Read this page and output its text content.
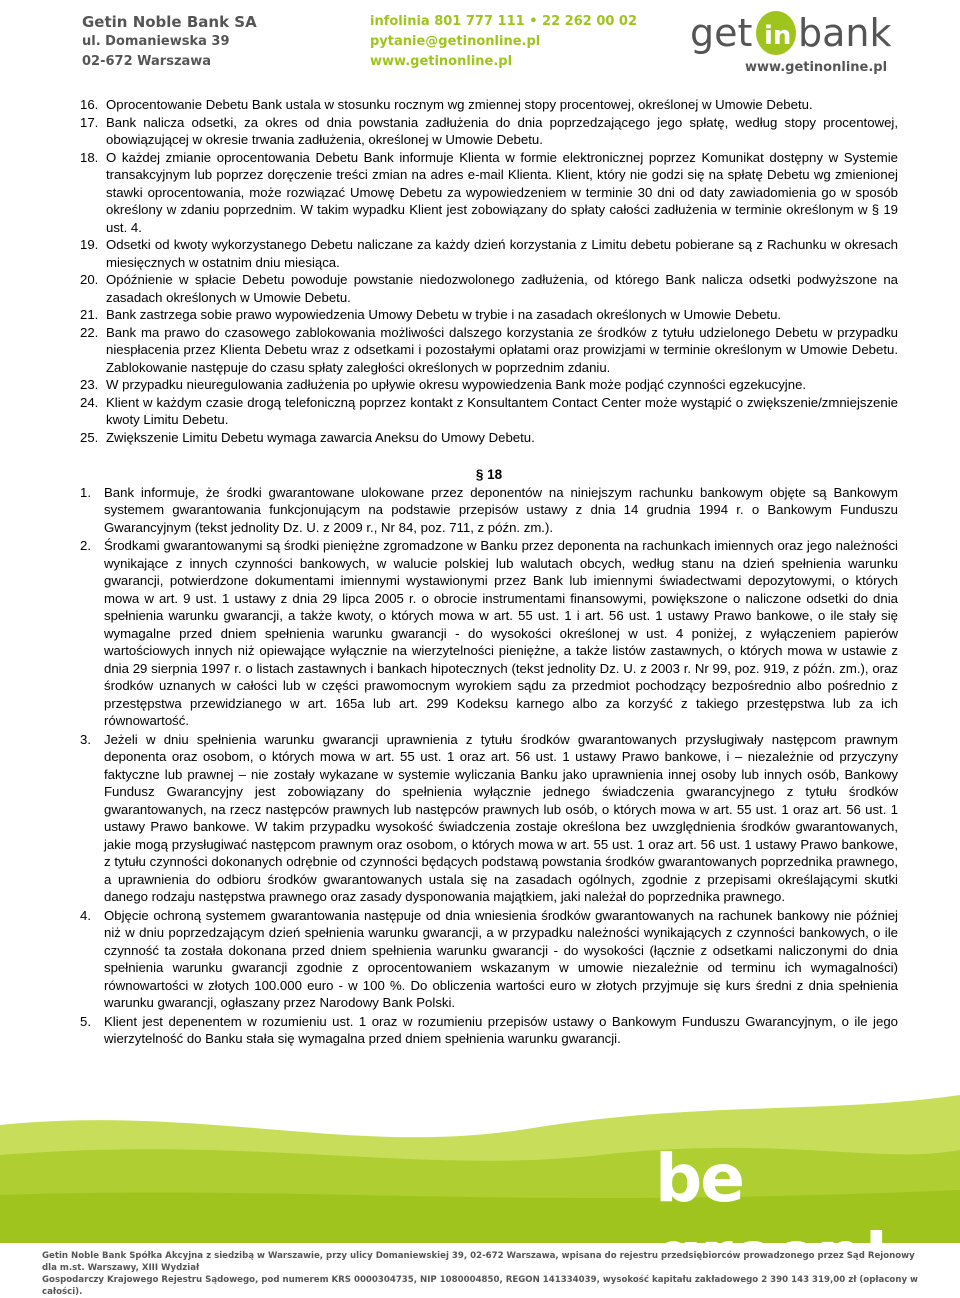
Getin Noble Bank SA
ul. Domaniewska 39
02-672 Warszawa
infolinia 801 777 111 • 22 262 00 02
pytanie@getinonline.pl
www.getinonline.pl
get in bank
www.getinonline.pl
16. Oprocentowanie Debetu Bank ustala w stosunku rocznym wg zmiennej stopy procentowej, określonej w Umowie Debetu.
17. Bank nalicza odsetki, za okres od dnia powstania zadłużenia do dnia poprzedzającego jego spłatę, według stopy procentowej, obowiązującej w okresie trwania zadłużenia, określonej w Umowie Debetu.
18. O każdej zmianie oprocentowania Debetu Bank informuje Klienta w formie elektronicznej poprzez Komunikat dostępny w Systemie transakcyjnym lub poprzez doręczenie treści zmian na adres e-mail Klienta. Klient, który nie godzi się na spłatę Debetu wg zmienionej stawki oprocentowania, może rozwiązać Umowę Debetu za wypowiedzeniem w terminie 30 dni od daty zawiadomienia go w sposób określony w zdaniu poprzednim. W takim wypadku Klient jest zobowiązany do spłaty całości zadłużenia w terminie określonym w § 19 ust. 4.
19. Odsetki od kwoty wykorzystanego Debetu naliczane za każdy dzień korzystania z Limitu debetu pobierane są z Rachunku w okresach miesięcznych w ostatnim dniu miesiąca.
20. Opóźnienie w spłacie Debetu powoduje powstanie niedozwolonego zadłużenia, od którego Bank nalicza odsetki podwyższone na zasadach określonych w Umowie Debetu.
21. Bank zastrzega sobie prawo wypowiedzenia Umowy Debetu w trybie i na zasadach określonych w Umowie Debetu.
22. Bank ma prawo do czasowego zablokowania możliwości dalszego korzystania ze środków z tytułu udzielonego Debetu w przypadku niespłacenia przez Klienta Debetu wraz z odsetkami i pozostałymi opłatami oraz prowizjami w terminie określonym w Umowie Debetu. Zablokowanie następuje do czasu spłaty zaległości określonych w poprzednim zdaniu.
23. W przypadku nieuregulowania zadłużenia po upływie okresu wypowiedzenia Bank może podjąć czynności egzekucyjne.
24. Klient w każdym czasie drogą telefoniczną poprzez kontakt z Konsultantem Contact Center może wystąpić o zwiększenie/zmniejszenie kwoty Limitu Debetu.
25. Zwiększenie Limitu Debetu wymaga zawarcia Aneksu do Umowy Debetu.
§ 18
1. Bank informuje, że środki gwarantowane ulokowane przez deponentów na niniejszym rachunku bankowym objęte są Bankowym systemem gwarantowania funkcjonującym na podstawie przepisów ustawy z dnia 14 grudnia 1994 r. o Bankowym Funduszu Gwarancyjnym (tekst jednolity Dz. U. z 2009 r., Nr 84, poz. 711, z późn. zm.).
2. Środkami gwarantowanymi są środki pieniężne zgromadzone w Banku przez deponenta na rachunkach imiennych oraz jego należności wynikające z innych czynności bankowych, w walucie polskiej lub walutach obcych, według stanu na dzień spełnienia warunku gwarancji, potwierdzone dokumentami imiennymi wystawionymi przez Bank lub imiennymi świadectwami depozytowymi, o których mowa w art. 9 ust. 1 ustawy z dnia 29 lipca 2005 r. o obrocie instrumentami finansowymi, powiększone o naliczone odsetki do dnia spełnienia warunku gwarancji, a także kwoty, o których mowa w art. 55 ust. 1 i art. 56 ust. 1 ustawy Prawo bankowe, o ile stały się wymagalne przed dniem spełnienia warunku gwarancji - do wysokości określonej w ust. 4 poniżej, z wyłączeniem papierów wartościowych innych niż opiewające wyłącznie na wierzytelności pieniężne, a także listów zastawnych, o których mowa w ustawie z dnia 29 sierpnia 1997 r. o listach zastawnych i bankach hipotecznych (tekst jednolity Dz. U. z 2003 r. Nr 99, poz. 919, z późn. zm.), oraz środków uznanych w całości lub w części prawomocnym wyrokiem sądu za przedmiot pochodzący bezpośrednio albo pośrednio z przestępstwa przewidzianego w art. 165a lub art. 299 Kodeksu karnego albo za korzyść z takiego przestępstwa lub za ich równowartość.
3. Jeżeli w dniu spełnienia warunku gwarancji uprawnienia z tytułu środków gwarantowanych przysługiwały następcom prawnym deponenta oraz osobom, o których mowa w art. 55 ust. 1 oraz art. 56 ust. 1 ustawy Prawo bankowe, i – niezależnie od przyczyny faktyczne lub prawnej – nie zostały wykazane w systemie wyliczania Banku jako uprawnienia innej osoby lub innych osób, Bankowy Fundusz Gwarancyjny jest zobowiązany do spełnienia wyłącznie jednego świadczenia gwarancyjnego z tytułu środków gwarantowanych, na rzecz następców prawnych lub następców prawnych lub osób, o których mowa w art. 55 ust. 1 oraz art. 56 ust. 1 ustawy Prawo bankowe. W takim przypadku wysokość świadczenia zostaje określona bez uwzględnienia środków gwarantowanych, jakie mogą przysługiwać następcom prawnym oraz osobom, o których mowa w art. 55 ust. 1 oraz art. 56 ust. 1 ustawy Prawo bankowe, z tytułu czynności dokonanych odrębnie od czynności będących podstawą powstania środków gwarantowanych poprzednika prawnego, a uprawnienia do odbioru środków gwarantowanych ustala się na zasadach ogólnych, zgodnie z przepisami określającymi skutki danego rodzaju następstwa prawnego oraz zasady dysponowania majątkiem, jaki należał do poprzednika prawnego.
4. Objęcie ochroną systemem gwarantowania następuje od dnia wniesienia środków gwarantowanych na rachunek bankowy nie później niż w dniu poprzedzającym dzień spełnienia warunku gwarancji, a w przypadku należności wynikających z czynności bankowych, o ile czynność ta została dokonana przed dniem spełnienia warunku gwarancji - do wysokości (łącznie z odsetkami naliczonymi do dnia spełnienia warunku gwarancji zgodnie z oprocentowaniem wskazanym w umowie niezależnie od terminu ich wymagalności) równowartości w złotych 100.000 euro - w 100 %. Do obliczenia wartości euro w złotych przyjmuje się kurs średni z dnia spełnienia warunku gwarancji, ogłaszany przez Narodowy Bank Polski.
5. Klient jest depenentem w rozumieniu ust. 1 oraz w rozumieniu przepisów ustawy o Bankowym Funduszu Gwarancyjnym, o ile jego wierzytelność do Banku stała się wymagalna przed dniem spełnienia warunku gwarancji.
be green!
Getin Noble Bank Spółka Akcyjna z siedzibą w Warszawie, przy ulicy Domaniewskiej 39, 02-672 Warszawa, wpisana do rejestru przedsiębiorców prowadzonego przez Sąd Rejonowy dla m.st. Warszawy, XIII Wydział
Gospodarczy Krajowego Rejestru Sądowego, pod numerem KRS 0000304735, NIP 1080004850, REGON 141334039, wysokość kapitału zakładowego 2 390 143 319,00 zł (opłacony w całości).
